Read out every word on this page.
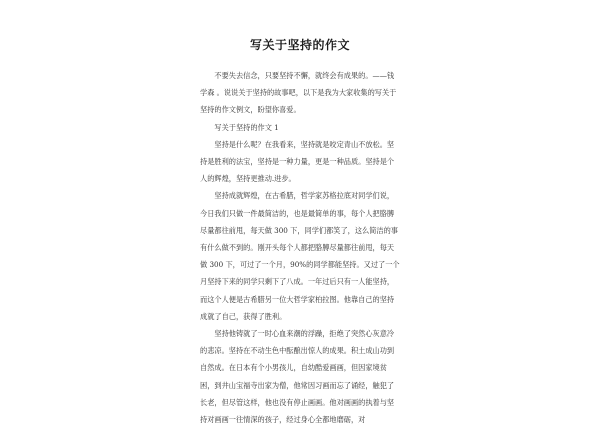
写关于坚持的作文

不要失去信念，只要坚持不懈，就终会有成果的。——钱学森 。说说关于坚持的故事吧，以下是我为大家收集的写关于坚持的作文例文，盼望你喜爱。

写关于坚持的作文 1

坚持是什么呢？在我看来，坚持就是咬定青山不放松。坚持是胜利的法宝，坚持是一种力量，更是一种品质。坚持是个人的辉煌，坚持更推动.进步。

坚持成就辉煌，在古希腊，哲学家苏格拉底对同学们说，今日我们只做一件最简洁的，也是最简单的事，每个人把胳膊尽量都往前甩，每天做 300 下，同学们都笑了，这么简洁的事有什么做不到的。刚开头每个人都把胳膊尽量都往前甩，每天做 300 下，可过了一个月，90%的同学都能坚持。又过了一个月坚持下来的同学只剩下了八成。一年过后只有一人能坚持，而这个人便是古希腊另一位大哲学家柏拉图。他靠自己的坚持成就了自己，获得了胜利。

坚持他铸就了一时心血来潮的浮躁，拒绝了突然心灰意冷的悲凉。坚持在不动生色中酝酿出惊人的成果。积土成山功到自然成。在日本有个小男孩儿，自幼酷爱画画，但因家境贫困，到井山宝福寺出家为僧，他常因习画而忘了诵经，触犯了长老，但尽管这样，他也没有停止画画。他对画画的执着与坚持对画画一往情深的孩子，经过身心全都地磨砺，对
